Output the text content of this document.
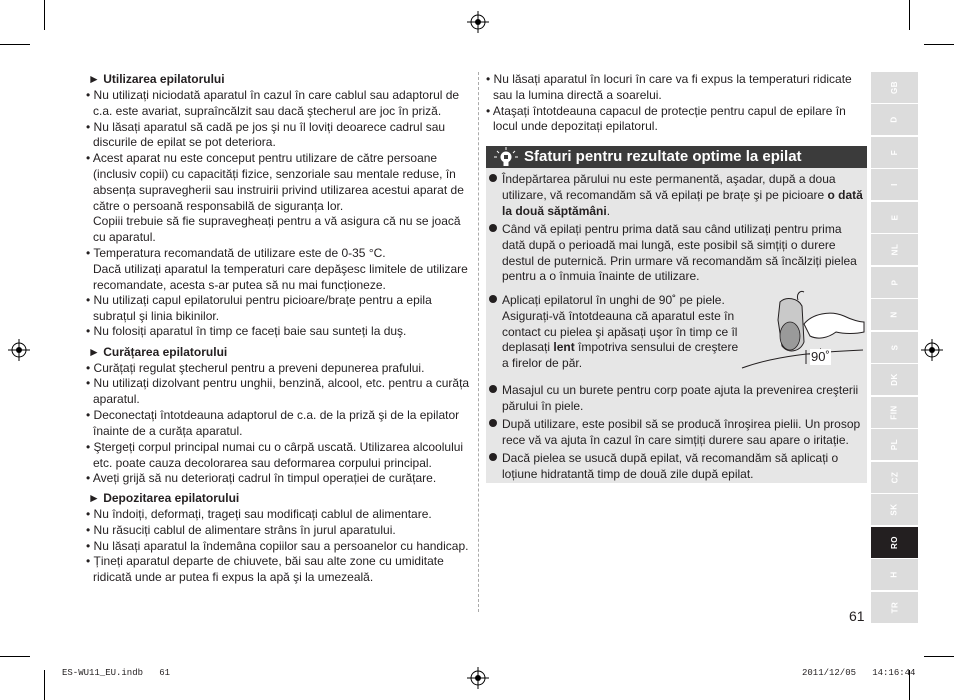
► Utilizarea epilatorului
• Nu utilizați niciodată aparatul în cazul în care cablul sau adaptorul de
c.a. este avariat, supraîncălzit sau dacă ştecherul are joc în priză.
• Nu lăsați aparatul să cadă pe jos şi nu îl loviți deoarece cadrul sau
discurile de epilat se pot deteriora.
• Acest aparat nu este conceput pentru utilizare de către persoane
(inclusiv copii) cu capacități fizice, senzoriale sau mentale reduse, în
absența supravegherii sau instruirii privind utilizarea acestui aparat de
către o persoană responsabilă de siguranța lor.
Copiii trebuie să fie supravegheați pentru a vă asigura că nu se joacă
cu aparatul.
• Temperatura recomandată de utilizare este de 0-35 °C.
Dacă utilizați aparatul la temperaturi care depăşesc limitele de utilizare
recomandate, acesta s-ar putea să nu mai funcționeze.
• Nu utilizați capul epilatorului pentru picioare/brațe pentru a epila
subrațul şi linia bikinilor.
• Nu folosiți aparatul în timp ce faceți baie sau sunteți la duş.
► Curățarea epilatorului
• Curățați regulat ştecherul pentru a preveni depunerea prafului.
• Nu utilizați dizolvant pentru unghii, benzină, alcool, etc. pentru a curăța
aparatul.
• Deconectați întotdeauna adaptorul de c.a. de la priză şi de la epilator
înainte de a curăța aparatul.
• Ştergeți corpul principal numai cu o cârpă uscată. Utilizarea alcoolului
etc. poate cauza decolorarea sau deformarea corpului principal.
• Aveți grijă să nu deteriorați cadrul în timpul operației de curățare.
► Depozitarea epilatorului
• Nu îndoiți, deformați, trageți sau modificați cablul de alimentare.
• Nu răsuciți cablul de alimentare strâns în jurul aparatului.
• Nu lăsați aparatul la îndemâna copiilor sau a persoanelor cu handicap.
• Țineți aparatul departe de chiuvete, băi sau alte zone cu umiditate
ridicată unde ar putea fi expus la apă şi la umezeală.
• Nu lăsați aparatul în locuri în care va fi expus la temperaturi ridicate
sau la lumina directă a soarelui.
• Ataşați întotdeauna capacul de protecție pentru capul de epilare în
locul unde depozitați epilatorul.
Sfaturi pentru rezultate optime la epilat
Îndepărtarea părului nu este permanentă, aşadar, după a doua
utilizare, vă recomandăm să vă epilați pe brațe şi pe picioare o dată
la două săptămâni.
Când vă epilați pentru prima dată sau când utilizați pentru prima
dată după o perioadă mai lungă, este posibil să simțiți o durere
destul de puternică. Prin urmare vă recomandăm să încălziți pielea
pentru a o înmuia înainte de utilizare.
Aplicați epilatorul în unghi de 90˚ pe piele.
Asigurați-vă întotdeauna că aparatul este în
contact cu pielea şi apăsați uşor în timp ce îl
deplasați lent împotriva sensului de creştere
a firelor de păr.	90˚
Masajul cu un burete pentru corp poate ajuta la prevenirea creşterii
părului în piele.
După utilizare, este posibil să se producă înroşirea pielii. Un prosop
rece vă va ajuta în cazul în care simțiți durere sau apare o iritație.
Dacă pielea se usucă după epilat, vă recomandăm să aplicați o
loțiune hidratantă timp de două zile după epilat.
GB
D
F
I
E
NL
P
N
S
DK
FIN
PL
CZ
SK
RO
H
TR
61
ES-WU11_EU.indb   61	2011/12/05   14:16:44
